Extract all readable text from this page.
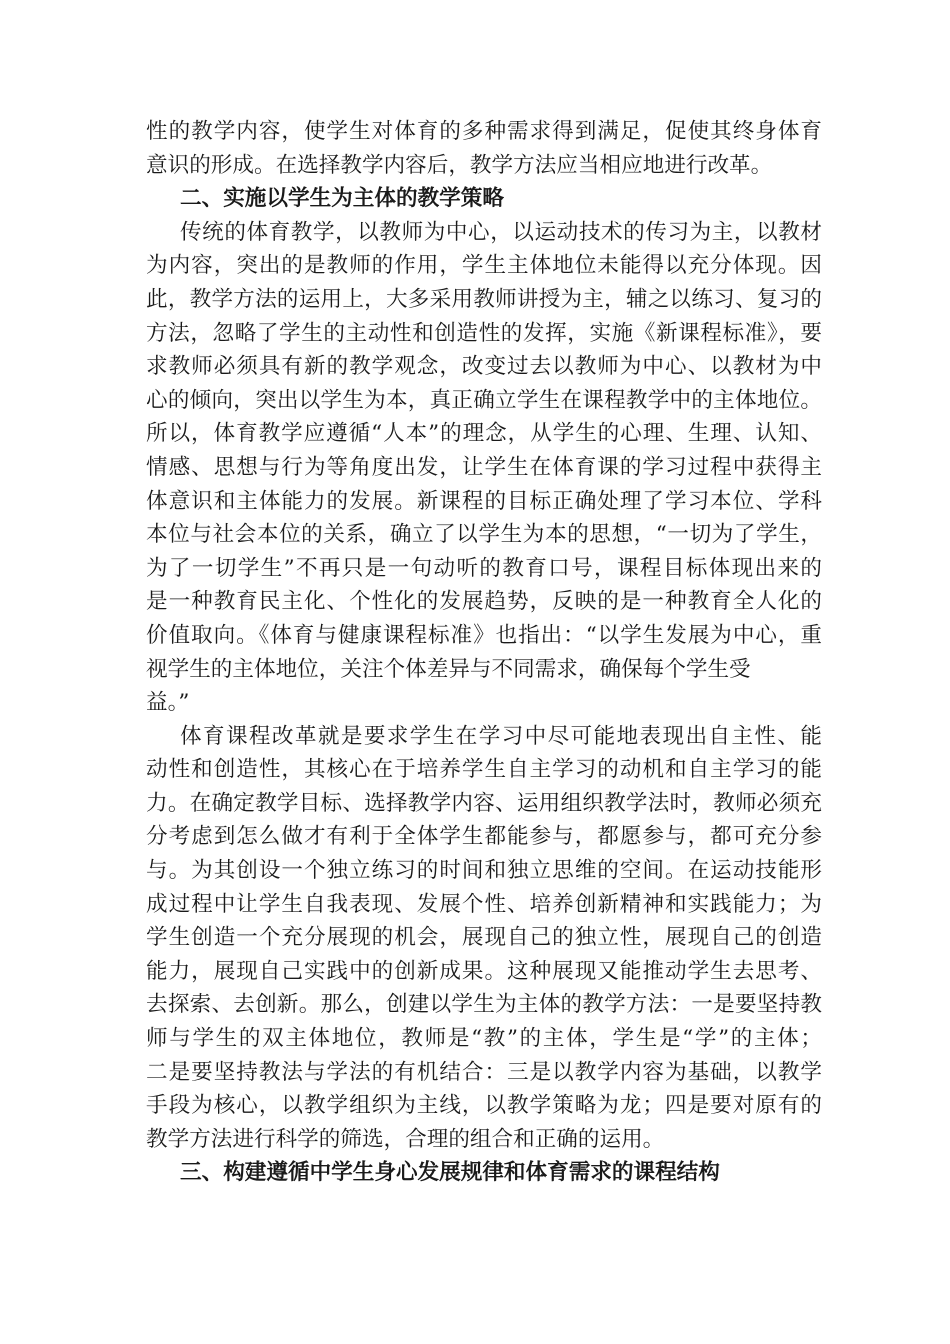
性的教学内容，使学生对体育的多种需求得到满足，促使其终身体育
意识的形成。在选择教学内容后，教学方法应当相应地进行改革。
二、实施以学生为主体的教学策略
传统的体育教学，以教师为中心，以运动技术的传习为主，以教材
为内容，突出的是教师的作用，学生主体地位未能得以充分体现。因
此，教学方法的运用上，大多采用教师讲授为主，辅之以练习、复习的
方法，忽略了学生的主动性和创造性的发挥，实施《新课程标准》，要
求教师必须具有新的教学观念，改变过去以教师为中心、以教材为中
心的倾向，突出以学生为本，真正确立学生在课程教学中的主体地位。
所以，体育教学应遵循“人本”的理念，从学生的心理、生理、认知、
情感、思想与行为等角度出发，让学生在体育课的学习过程中获得主
体意识和主体能力的发展。新课程的目标正确处理了学习本位、学科
本位与社会本位的关系，确立了以学生为本的思想，“一切为了学生，
为了一切学生”不再只是一句动听的教育口号，课程目标体现出来的
是一种教育民主化、个性化的发展趋势，反映的是一种教育全人化的
价值取向。《体育与健康课程标准》也指出：“以学生发展为中心，重
视学生的主体地位，关注个体差异与不同需求，确保每个学生受
益。”
体育课程改革就是要求学生在学习中尽可能地表现出自主性、能
动性和创造性，其核心在于培养学生自主学习的动机和自主学习的能
力。在确定教学目标、选择教学内容、运用组织教学法时，教师必须充
分考虑到怎么做才有利于全体学生都能参与，都愿参与，都可充分参
与。为其创设一个独立练习的时间和独立思维的空间。在运动技能形
成过程中让学生自我表现、发展个性、培养创新精神和实践能力；为
学生创造一个充分展现的机会，展现自己的独立性，展现自己的创造
能力，展现自己实践中的创新成果。这种展现又能推动学生去思考、
去探索、去创新。那么，创建以学生为主体的教学方法：一是要坚持教
师与学生的双主体地位，教师是“教”的主体，学生是“学”的主体；
二是要坚持教法与学法的有机结合：三是以教学内容为基础，以教学
手段为核心，以教学组织为主线，以教学策略为龙；四是要对原有的
教学方法进行科学的筛选，合理的组合和正确的运用。
三、构建遵循中学生身心发展规律和体育需求的课程结构
